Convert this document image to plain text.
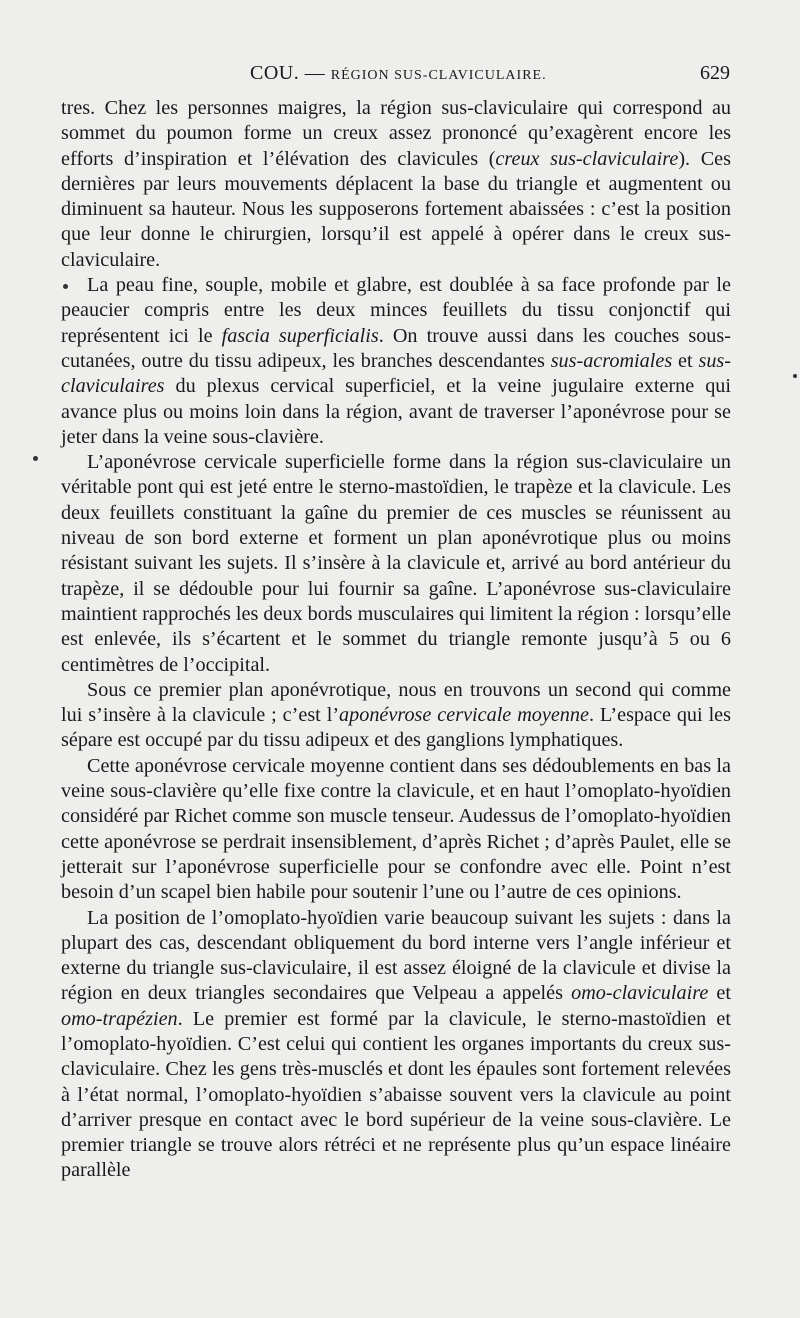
COU. — RÉGION SUS-CLAVICULAIRE.	629

tres. Chez les personnes maigres, la région sus-claviculaire qui correspond au sommet du poumon forme un creux assez prononcé qu’exagèrent encore les efforts d’inspiration et l’élévation des clavicules (creux sus-claviculaire). Ces dernières par leurs mouvements déplacent la base du triangle et augmentent ou diminuent sa hauteur. Nous les supposerons fortement abaissées : c’est la position que leur donne le chirurgien, lorsqu’il est appelé à opérer dans le creux sus-claviculaire.

La peau fine, souple, mobile et glabre, est doublée à sa face profonde par le peaucier compris entre les deux minces feuillets du tissu conjonctif qui représentent ici le fascia superficialis. On trouve aussi dans les couches sous-cutanées, outre du tissu adipeux, les branches descendantes sus-acromiales et sus-claviculaires du plexus cervical superficiel, et la veine jugulaire externe qui avance plus ou moins loin dans la région, avant de traverser l’aponévrose pour se jeter dans la veine sous-clavière.

L’aponévrose cervicale superficielle forme dans la région sus-claviculaire un véritable pont qui est jeté entre le sterno-mastoïdien, le trapèze et la clavicule. Les deux feuillets constituant la gaîne du premier de ces muscles se réunissent au niveau de son bord externe et forment un plan aponévrotique plus ou moins résistant suivant les sujets. Il s’insère à la clavicule et, arrivé au bord antérieur du trapèze, il se dédouble pour lui fournir sa gaîne. L’aponévrose sus-claviculaire maintient rapprochés les deux bords musculaires qui limitent la région : lorsqu’elle est enlevée, ils s’écartent et le sommet du triangle remonte jusqu’à 5 ou 6 centimètres de l’occipital.

Sous ce premier plan aponévrotique, nous en trouvons un second qui comme lui s’insère à la clavicule ; c’est l’aponévrose cervicale moyenne. L’espace qui les sépare est occupé par du tissu adipeux et des ganglions lymphatiques.

Cette aponévrose cervicale moyenne contient dans ses dédoublements en bas la veine sous-clavière qu’elle fixe contre la clavicule, et en haut l’omoplato-hyoïdien considéré par Richet comme son muscle tenseur. Audessus de l’omoplato-hyoïdien cette aponévrose se perdrait insensiblement, d’après Richet ; d’après Paulet, elle se jetterait sur l’aponévrose superficielle pour se confondre avec elle. Point n’est besoin d’un scapel bien habile pour soutenir l’une ou l’autre de ces opinions.

La position de l’omoplato-hyoïdien varie beaucoup suivant les sujets : dans la plupart des cas, descendant obliquement du bord interne vers l’angle inférieur et externe du triangle sus-claviculaire, il est assez éloigné de la clavicule et divise la région en deux triangles secondaires que Velpeau a appelés omo-claviculaire et omo-trapézien. Le premier est formé par la clavicule, le sterno-mastoïdien et l’omoplato-hyoïdien. C’est celui qui contient les organes importants du creux sus-claviculaire. Chez les gens très-musclés et dont les épaules sont fortement relevées à l’état normal, l’omoplato-hyoïdien s’abaisse souvent vers la clavicule au point d’arriver presque en contact avec le bord supérieur de la veine sous-clavière. Le premier triangle se trouve alors rétréci et ne représente plus qu’un espace linéaire parallèle
